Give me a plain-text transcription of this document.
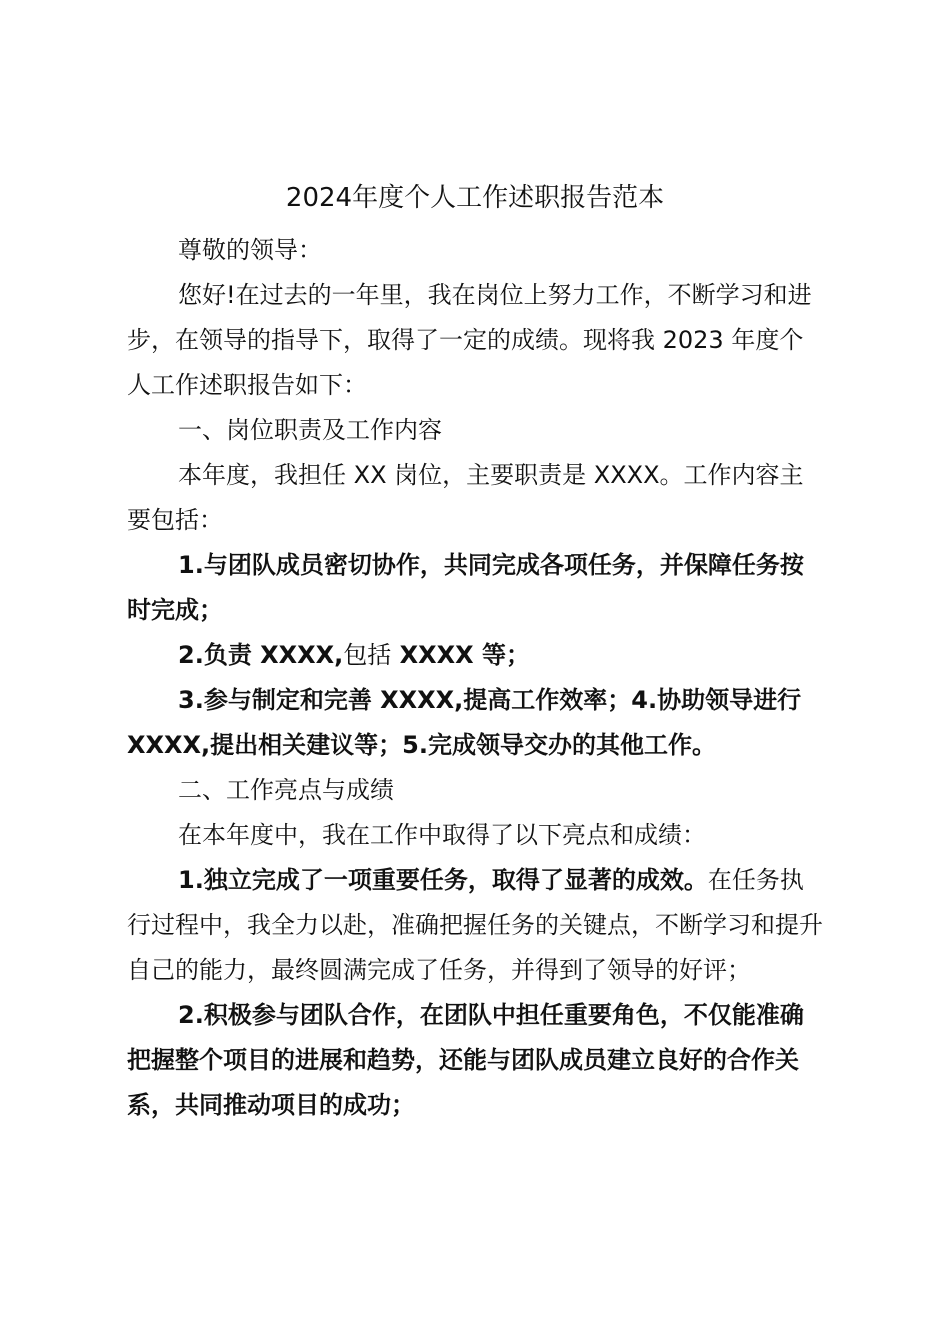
2024年度个人工作述职报告范本

尊敬的领导：

您好!在过去的一年里，我在岗位上努力工作，不断学习和进步，在领导的指导下，取得了一定的成绩。现将我 2023 年度个人工作述职报告如下：

一、岗位职责及工作内容

本年度，我担任 XX 岗位，主要职责是 XXXX。工作内容主要包括：

1.与团队成员密切协作，共同完成各项任务，并保障任务按时完成；

2.负责 XXXX,包括 XXXX 等；

3.参与制定和完善 XXXX,提高工作效率；4.协助领导进行 XXXX,提出相关建议等；5.完成领导交办的其他工作。

二、工作亮点与成绩

在本年度中，我在工作中取得了以下亮点和成绩：

1.独立完成了一项重要任务，取得了显著的成效。在任务执行过程中，我全力以赴，准确把握任务的关键点，不断学习和提升自己的能力，最终圆满完成了任务，并得到了领导的好评；

2.积极参与团队合作，在团队中担任重要角色，不仅能准确把握整个项目的进展和趋势，还能与团队成员建立良好的合作关系，共同推动项目的成功；
